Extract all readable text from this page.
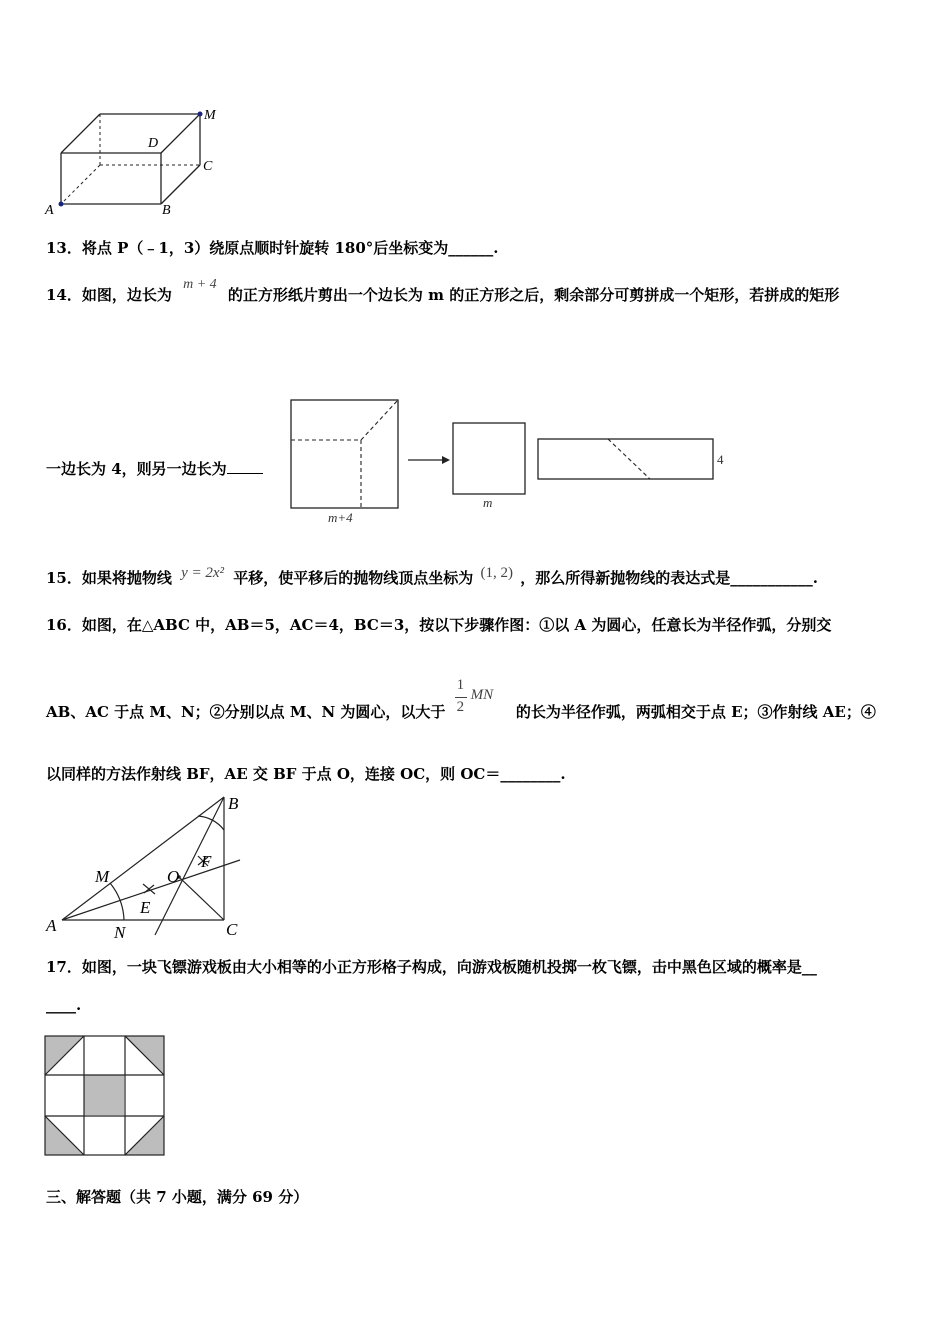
M
D
C
A	B
13．将点 P（﹣1，3）绕原点顺时针旋转 180°后坐标变为______.
14．如图，边长为 m + 4 的正方形纸片剪出一个边长为 m 的正方形之后，剩余部分可剪拼成一个矩形，若拼成的矩形
一边长为 4，则另一边长为
m+4
m
4
15．如果将抛物线 y = 2x² 平移，使平移后的抛物线顶点坐标为 (1, 2) ，那么所得新抛物线的表达式是___________.
16．如图，在△ABC 中，AB＝5，AC＝4，BC＝3，按以下步骤作图：①以 A 为圆心，任意长为半径作弧，分别交
AB、AC 于点 M、N；②分别以点 M、N 为圆心，以大于
1
2
MN
的长为半径作弧，两弧相交于点 E；③作射线 AE；④
以同样的方法作射线 BF，AE 交 BF 于点 O，连接 OC，则 OC＝________.
A
B
C
M
N
O
E
F
17．如图，一块飞镖游戏板由大小相等的小正方形格子构成，向游戏板随机投掷一枚飞镖，击中黑色区域的概率是__
____.
三、解答题（共 7 小题，满分 69 分）
